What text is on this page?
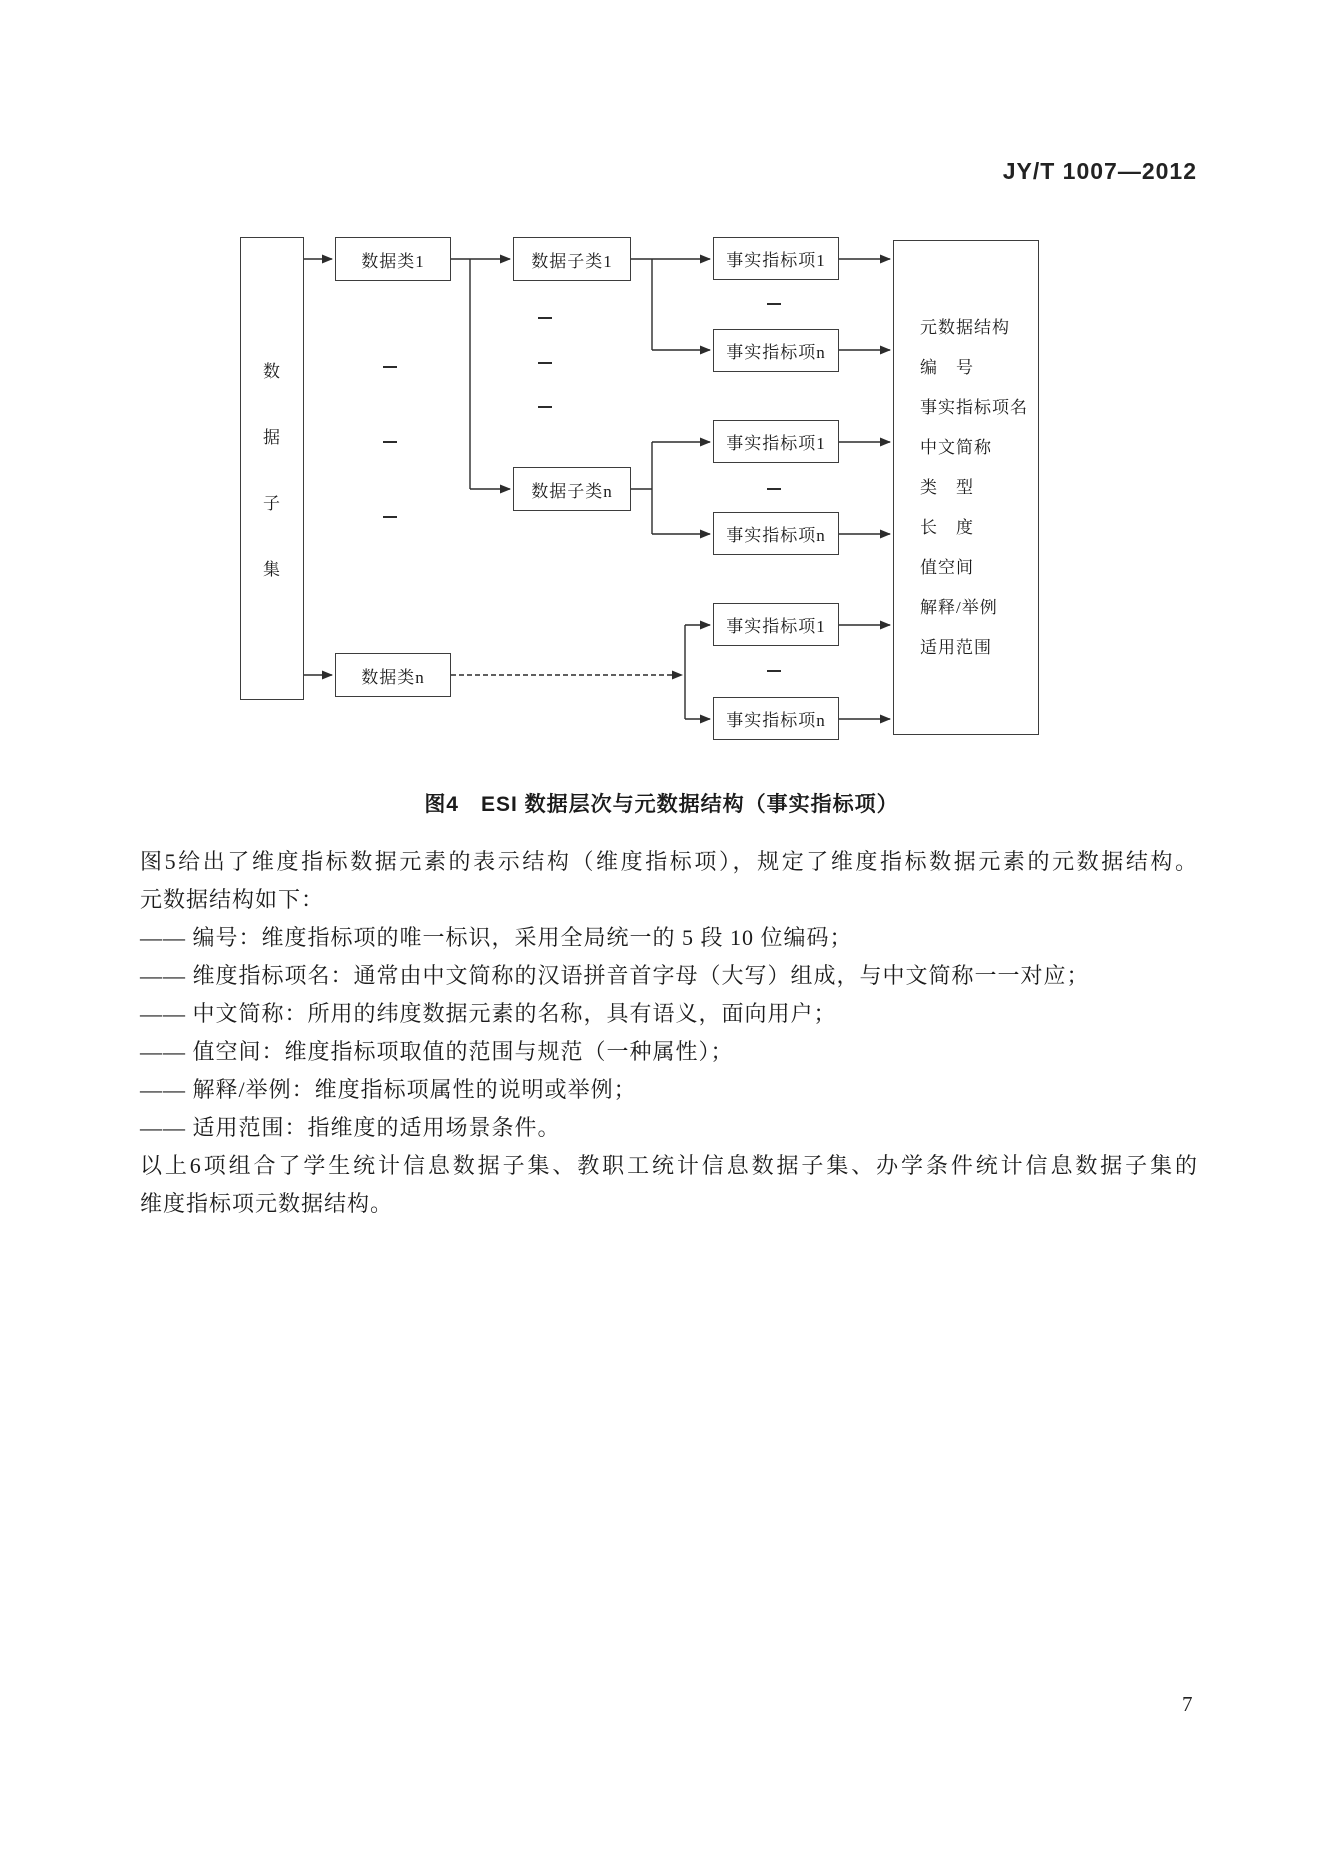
JY/T 1007—2012
数
据
子
集
数据类1
数据类n
数据子类1
数据子类n
事实指标项1
事实指标项n
事实指标项1
事实指标项n
事实指标项1
事实指标项n
元数据结构
编　号
事实指标项名
中文简称
类　型
长　度
值空间
解释/举例
适用范围
图4　ESI 数据层次与元数据结构（事实指标项）

图5给出了维度指标数据元素的表示结构（维度指标项），规定了维度指标数据元素的元数据结构。

元数据结构如下：

—— 编号：维度指标项的唯一标识，采用全局统一的 5 段 10 位编码；

—— 维度指标项名：通常由中文简称的汉语拼音首字母（大写）组成，与中文简称一一对应；

—— 中文简称：所用的纬度数据元素的名称，具有语义，面向用户；

—— 值空间：维度指标项取值的范围与规范（一种属性）；

—— 解释/举例：维度指标项属性的说明或举例；

—— 适用范围：指维度的适用场景条件。

以上6项组合了学生统计信息数据子集、教职工统计信息数据子集、办学条件统计信息数据子集的

维度指标项元数据结构。

7
